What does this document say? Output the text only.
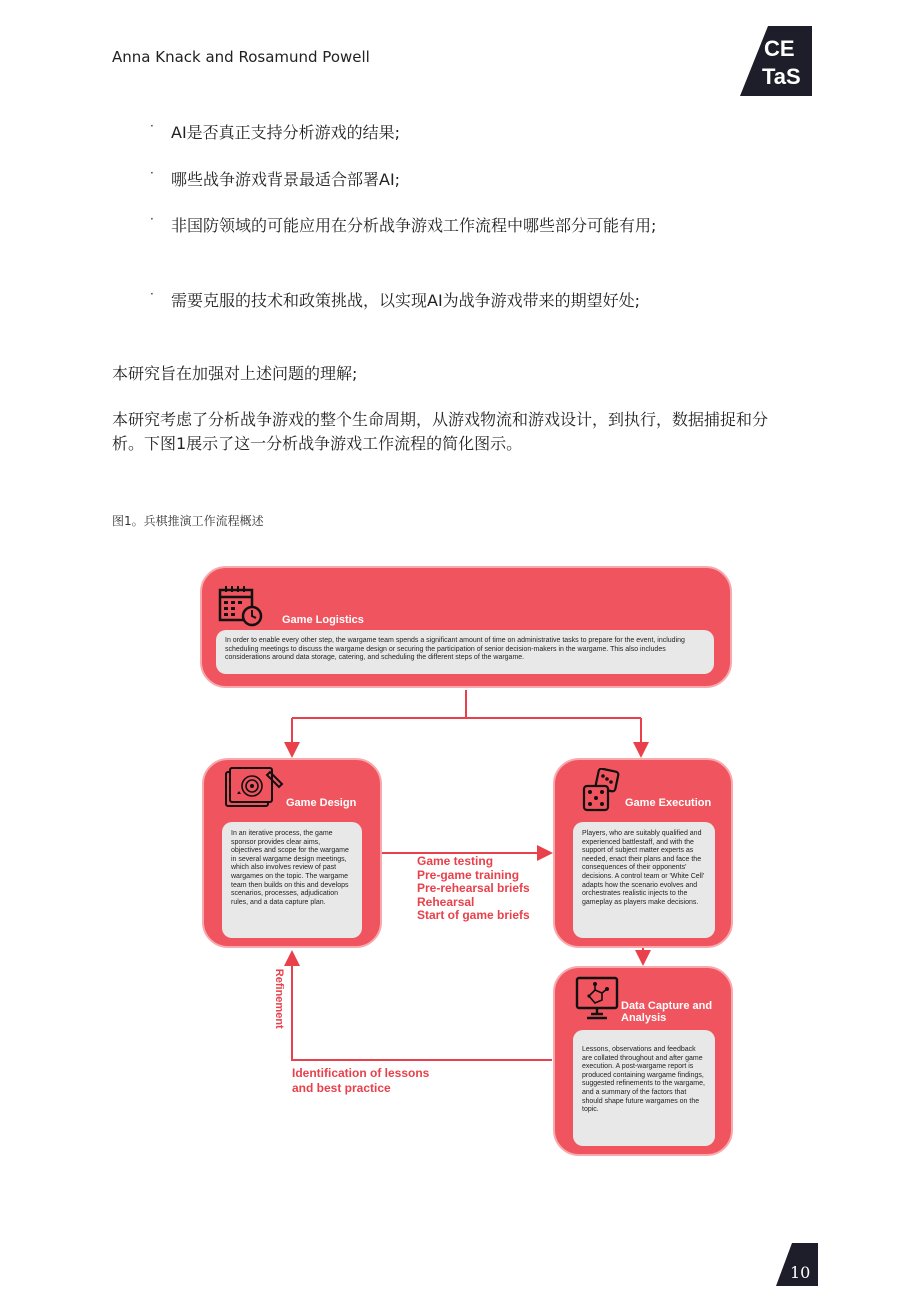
Anna Knack and Rosamund Powell	CE
TaS
· AI是否真正支持分析游戏的结果;
· 哪些战争游戏背景最适合部署AI;
· 非国防领域的可能应用在分析战争游戏工作流程中哪些部分可能有用;
· 需要克服的技术和政策挑战，以实现AI为战争游戏带来的期望好处;
本研究旨在加强对上述问题的理解;
本研究考虑了分析战争游戏的整个生命周期，从游戏物流和游戏设计，到执行，数据捕捉和分析。下图1展示了这一分析战争游戏工作流程的简化图示。
图1。兵棋推演工作流程概述
Game Logistics
In order to enable every other step, the wargame team spends a significant amount of time on administrative tasks to prepare for the event, including scheduling meetings to discuss the wargame design or securing the participation of senior decision-makers in the wargame. This also includes considerations around data storage, catering, and scheduling the different steps of the wargame.
Game Design
In an iterative process, the game sponsor provides clear aims, objectives and scope for the wargame in several wargame design meetings, which also involves review of past wargames on the topic. The wargame team then builds on this and develops scenarios, processes, adjudication rules, and a data capture plan.
Game Execution
Players, who are suitably qualified and experienced battlestaff, and with the support of subject matter experts as needed, enact their plans and face the consequences of their opponents' decisions. A control team or 'White Cell' adapts how the scenario evolves and orchestrates realistic injects to the gameplay as players make decisions.
Data Capture and
Analysis
Lessons, observations and feedback are collated throughout and after game execution. A post-wargame report is produced containing wargame findings, suggested refinements to the wargame, and a summary of the factors that should shape future wargames on the topic.
Game testing
Pre-game training
Pre-rehearsal briefs
Rehearsal
Start of game briefs
Refinement
Identification of lessons
and best practice
10
